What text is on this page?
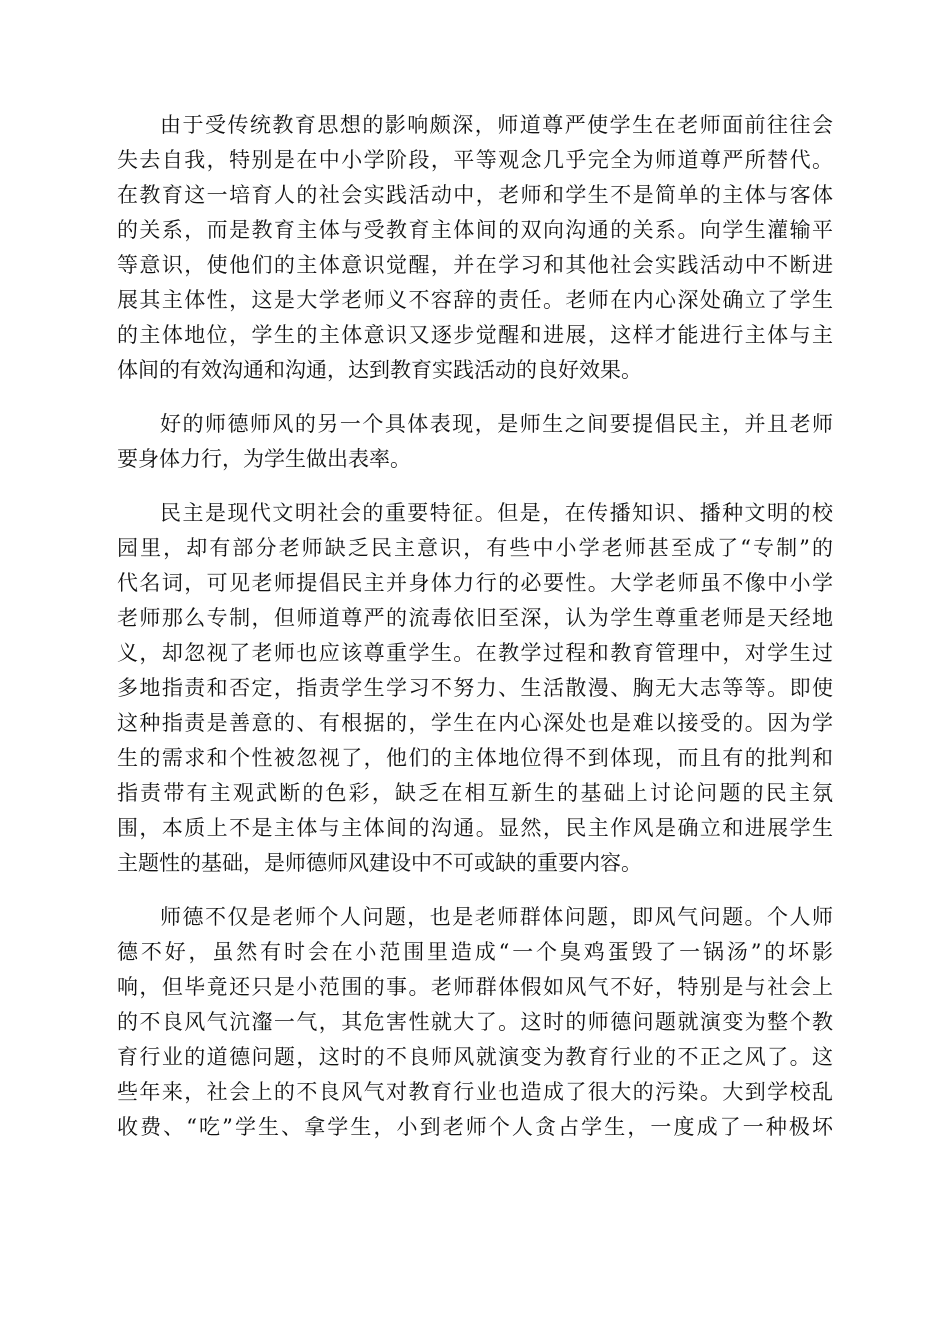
由于受传统教育思想的影响颇深，师道尊严使学生在老师面前往往会
失去自我，特别是在中小学阶段，平等观念几乎完全为师道尊严所替代。
在教育这一培育人的社会实践活动中，老师和学生不是简单的主体与客体
的关系，而是教育主体与受教育主体间的双向沟通的关系。向学生灌输平
等意识，使他们的主体意识觉醒，并在学习和其他社会实践活动中不断进
展其主体性，这是大学老师义不容辞的责任。老师在内心深处确立了学生
的主体地位，学生的主体意识又逐步觉醒和进展，这样才能进行主体与主
体间的有效沟通和沟通，达到教育实践活动的良好效果。
好的师德师风的另一个具体表现，是师生之间要提倡民主，并且老师
要身体力行，为学生做出表率。
民主是现代文明社会的重要特征。但是，在传播知识、播种文明的校
园里，却有部分老师缺乏民主意识，有些中小学老师甚至成了“专制”的
代名词，可见老师提倡民主并身体力行的必要性。大学老师虽不像中小学
老师那么专制，但师道尊严的流毒依旧至深，认为学生尊重老师是天经地
义，却忽视了老师也应该尊重学生。在教学过程和教育管理中，对学生过
多地指责和否定，指责学生学习不努力、生活散漫、胸无大志等等。即使
这种指责是善意的、有根据的，学生在内心深处也是难以接受的。因为学
生的需求和个性被忽视了，他们的主体地位得不到体现，而且有的批判和
指责带有主观武断的色彩，缺乏在相互新生的基础上讨论问题的民主氛
围，本质上不是主体与主体间的沟通。显然，民主作风是确立和进展学生
主题性的基础，是师德师风建设中不可或缺的重要内容。
师德不仅是老师个人问题，也是老师群体问题，即风气问题。个人师
德不好，虽然有时会在小范围里造成“一个臭鸡蛋毁了一锅汤”的坏影
响，但毕竟还只是小范围的事。老师群体假如风气不好，特别是与社会上
的不良风气沆瀣一气，其危害性就大了。这时的师德问题就演变为整个教
育行业的道德问题，这时的不良师风就演变为教育行业的不正之风了。这
些年来，社会上的不良风气对教育行业也造成了很大的污染。大到学校乱
收费、“吃”学生、拿学生，小到老师个人贪占学生，一度成了一种极坏
